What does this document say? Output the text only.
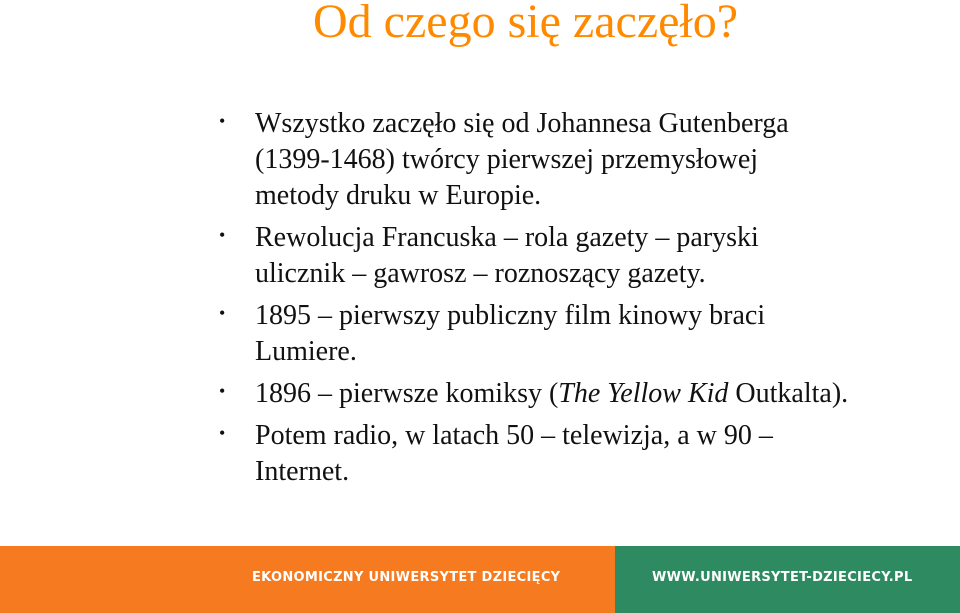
Od czego się zaczęło?
• Wszystko zaczęło się od Johannesa Gutenberga
(1399-1468) twórcy pierwszej przemysłowej
metody druku w Europie.
• Rewolucja Francuska – rola gazety – paryski
ulicznik – gawrosz – roznoszący gazety.
• 1895 – pierwszy publiczny film kinowy braci
Lumiere.
• 1896 – pierwsze komiksy (The Yellow Kid Outkalta).
• Potem radio, w latach 50 – telewizja, a w 90 –
Internet.
EKONOMICZNY UNIWERSYTET DZIECIĘCY	WWW.UNIWERSYTET-DZIECIECY.PL
